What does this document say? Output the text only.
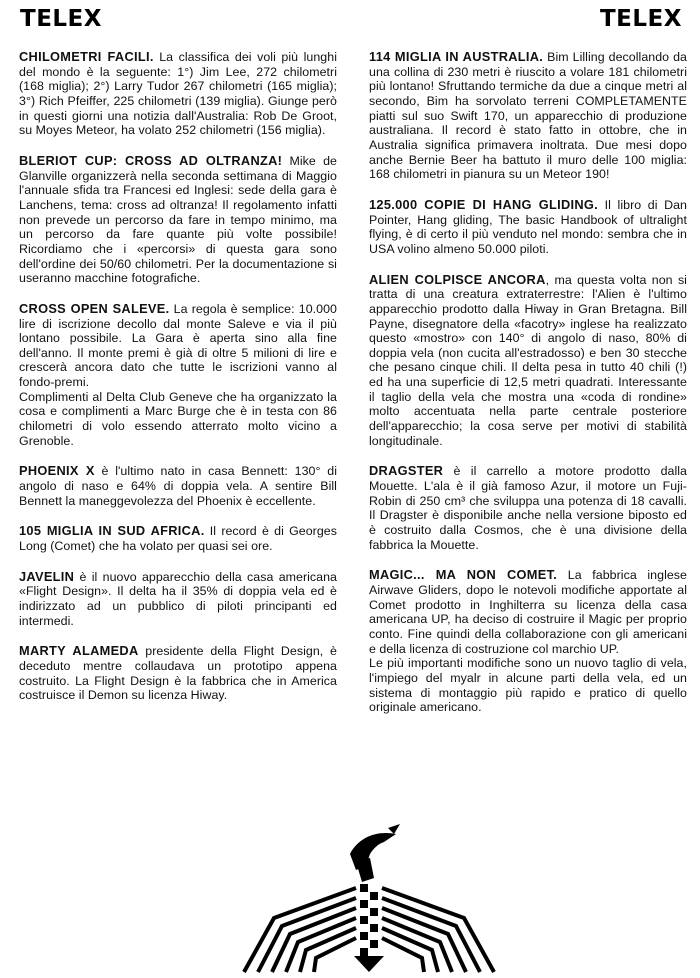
TELEX	TELEX
CHILOMETRI FACILI. La classifica dei voli più lunghi del mondo è la seguente: 1°) Jim Lee, 272 chilometri (168 miglia); 2°) Larry Tudor 267 chilometri (165 miglia); 3°) Rich Pfeiffer, 225 chilometri (139 miglia). Giunge però in questi giorni una notizia dall'Australia: Rob De Groot, su Moyes Meteor, ha volato 252 chilometri (156 miglia).
BLERIOT CUP: CROSS AD OLTRANZA! Mike de Glanville organizzerà nella seconda settimana di Maggio l'annuale sfida tra Francesi ed Inglesi: sede della gara è Lanchens, tema: cross ad oltranza! Il regolamento infatti non prevede un percorso da fare in tempo minimo, ma un percorso da fare quante più volte possibile! Ricordiamo che i «percorsi» di questa gara sono dell'ordine dei 50/60 chilometri. Per la documentazione si useranno macchine fotografiche.

CROSS OPEN SALEVE. La regola è semplice: 10.000 lire di iscrizione decollo dal monte Saleve e via il più lontano possibile. La Gara è aperta sino alla fine dell'anno. Il monte premi è già di oltre 5 milioni di lire e crescerà ancora dato che tutte le iscrizioni vanno al fondo-premi.

Complimenti al Delta Club Geneve che ha organizzato la cosa e complimenti a Marc Burge che è in testa con 86 chilometri di volo essendo atterrato molto vicino a Grenoble.

PHOENIX X è l'ultimo nato in casa Bennett: 130° di angolo di naso e 64% di doppia vela. A sentire Bill Bennett la maneggevolezza del Phoenix è eccellente.
105 MIGLIA IN SUD AFRICA. Il record è di Georges Long (Comet) che ha volato per quasi sei ore.
JAVELIN è il nuovo apparecchio della casa americana «Flight Design». Il delta ha il 35% di doppia vela ed è indirizzato ad un pubblico di piloti principanti ed intermedi.
MARTY ALAMEDA presidente della Flight Design, è deceduto mentre collaudava un prototipo appena costruito. La Flight Design è la fabbrica che in America costruisce il Demon su licenza Hiway.
114 MIGLIA IN AUSTRALIA. Bim Lilling decollando da una collina di 230 metri è riuscito a volare 181 chilometri più lontano! Sfruttando termiche da due a cinque metri al secondo, Bim ha sorvolato terreni COMPLETAMENTE piatti sul suo Swift 170, un apparecchio di produzione australiana. Il record è stato fatto in ottobre, che in Australia significa primavera inoltrata. Due mesi dopo anche Bernie Beer ha battuto il muro delle 100 miglia: 168 chilometri in pianura su un Meteor 190!
125.000 COPIE DI HANG GLIDING. Il libro di Dan Pointer, Hang gliding, The basic Handbook of ultralight flying, è di certo il più venduto nel mondo: sembra che in USA volino almeno 50.000 piloti.
ALIEN COLPISCE ANCORA, ma questa volta non si tratta di una creatura extraterrestre: l'Alien è l'ultimo apparecchio prodotto dalla Hiway in Gran Bretagna. Bill Payne, disegnatore della «facotry» inglese ha realizzato questo «mostro» con 140° di angolo di naso, 80% di doppia vela (non cucita all'estradosso) e ben 30 stecche che pesano cinque chili. Il delta pesa in tutto 40 chili (!) ed ha una superficie di 12,5 metri quadrati. Interessante il taglio della vela che mostra una «coda di rondine» molto accentuata nella parte centrale posteriore dell'apparecchio; la cosa serve per motivi di stabilità longitudinale.
DRAGSTER è il carrello a motore prodotto dalla Mouette. L'ala è il già famoso Azur, il motore un Fuji-Robin di 250 cm³ che sviluppa una potenza di 18 cavalli. Il Dragster è disponibile anche nella versione biposto ed è costruito dalla Cosmos, che è una divisione della fabbrica la Mouette.

MAGIC... MA NON COMET. La fabbrica inglese Airwave Gliders, dopo le notevoli modifiche apportate al Comet prodotto in Inghilterra su licenza della casa americana UP, ha deciso di costruire il Magic per proprio conto. Fine quindi della collaborazione con gli americani e della licenza di costruzione col marchio UP.

Le più importanti modifiche sono un nuovo taglio di vela, l'impiego del myalr in alcune parti della vela, ed un sistema di montaggio più rapido e pratico di quello originale americano.
